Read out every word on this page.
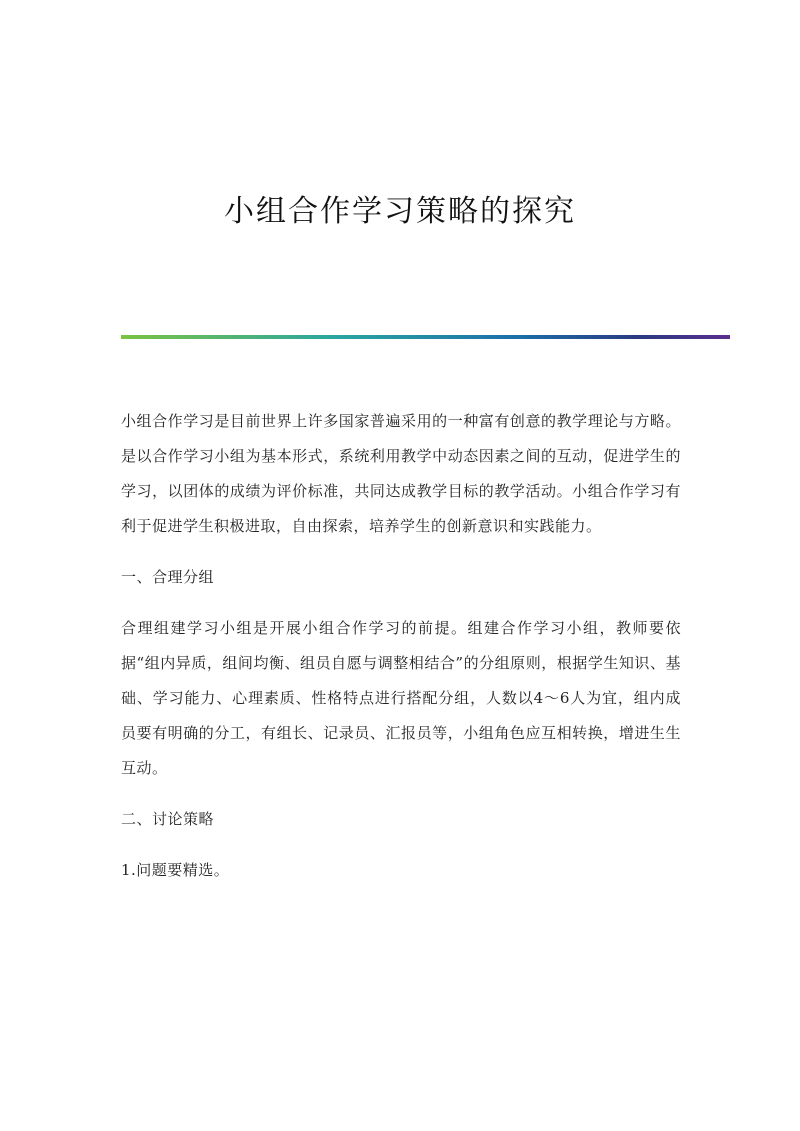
小组合作学习策略的探究

小组合作学习是目前世界上许多国家普遍采用的一种富有创意的教学理论与方略。是以合作学习小组为基本形式，系统利用教学中动态因素之间的互动，促进学生的学习，以团体的成绩为评价标准，共同达成教学目标的教学活动。小组合作学习有利于促进学生积极进取，自由探索，培养学生的创新意识和实践能力。

一、合理分组

合理组建学习小组是开展小组合作学习的前提。组建合作学习小组，教师要依据“组内异质，组间均衡、组员自愿与调整相结合”的分组原则，根据学生知识、基础、学习能力、心理素质、性格特点进行搭配分组，人数以4～6人为宜，组内成员要有明确的分工，有组长、记录员、汇报员等，小组角色应互相转换，增进生生互动。

二、讨论策略

1.问题要精选。
